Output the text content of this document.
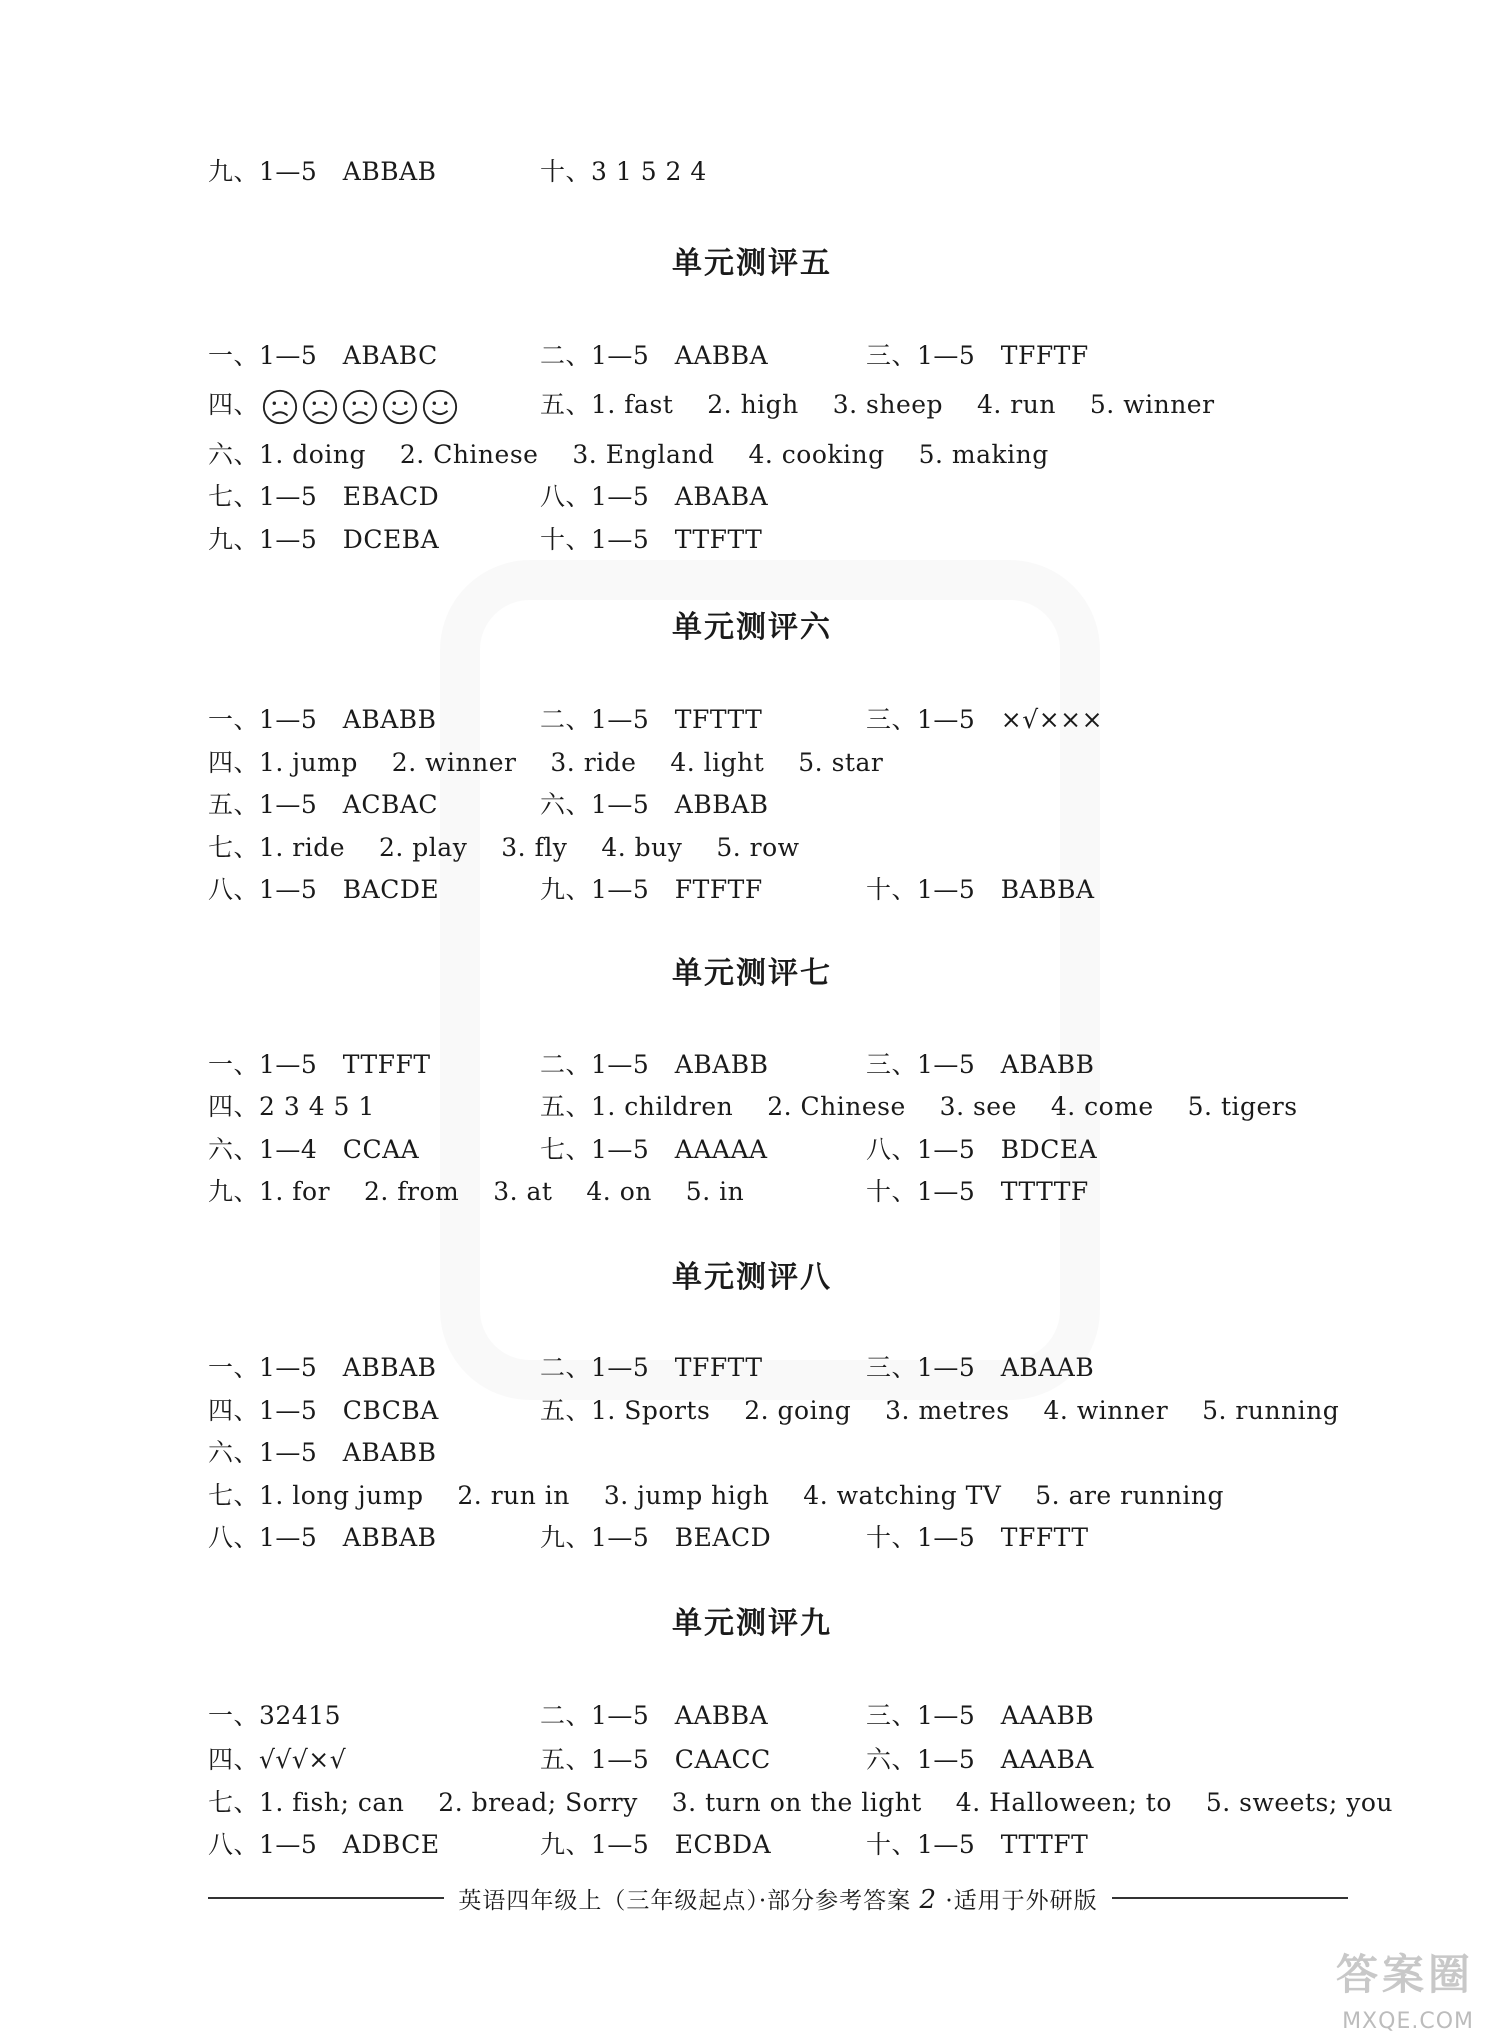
九、1—5　ABBAB	十、3 1 5 2 4
单元测评五
一、1—5　ABABC	二、1—5　AABBA	三、1—5　TFFTF
四、	五、1. fast　 2. high　 3. sheep　 4. run　 5. winner
六、1. doing　 2. Chinese　 3. England　 4. cooking　 5. making
七、1—5　EBACD	八、1—5　ABABA
九、1—5　DCEBA	十、1—5　TTFTT
单元测评六
一、1—5　ABABB	二、1—5　TFTTT	三、1—5　×√×××
四、1. jump　 2. winner　 3. ride　 4. light　 5. star
五、1—5　ACBAC	六、1—5　ABBAB
七、1. ride　 2. play　 3. fly　 4. buy　 5. row
八、1—5　BACDE	九、1—5　FTFTF	十、1—5　BABBA
单元测评七
一、1—5　TTFFT	二、1—5　ABABB	三、1—5　ABABB
四、2 3 4 5 1	五、1. children　 2. Chinese　 3. see　 4. come　 5. tigers
六、1—4　CCAA	七、1—5　AAAAA	八、1—5　BDCEA
九、1. for　 2. from　 3. at　 4. on　 5. in	十、1—5　TTTTF
单元测评八
一、1—5　ABBAB	二、1—5　TFFTT	三、1—5　ABAAB
四、1—5　CBCBA	五、1. Sports　 2. going　 3. metres　 4. winner　 5. running
六、1—5　ABABB
七、1. long jump　 2. run in　 3. jump high　 4. watching TV　 5. are running
八、1—5　ABBAB	九、1—5　BEACD	十、1—5　TFFTT
单元测评九
一、32415	二、1—5　AABBA	三、1—5　AAABB
四、√√√×√	五、1—5　CAACC	六、1—5　AAABA
七、1. fish; can　 2. bread; Sorry　 3. turn on the light　 4. Halloween; to　 5. sweets; you
八、1—5　ADBCE	九、1—5　ECBDA	十、1—5　TTTFT
英语四年级上（三年级起点）·部分参考答案 2 ·适用于外研版
答案圈
MXQE.COM
